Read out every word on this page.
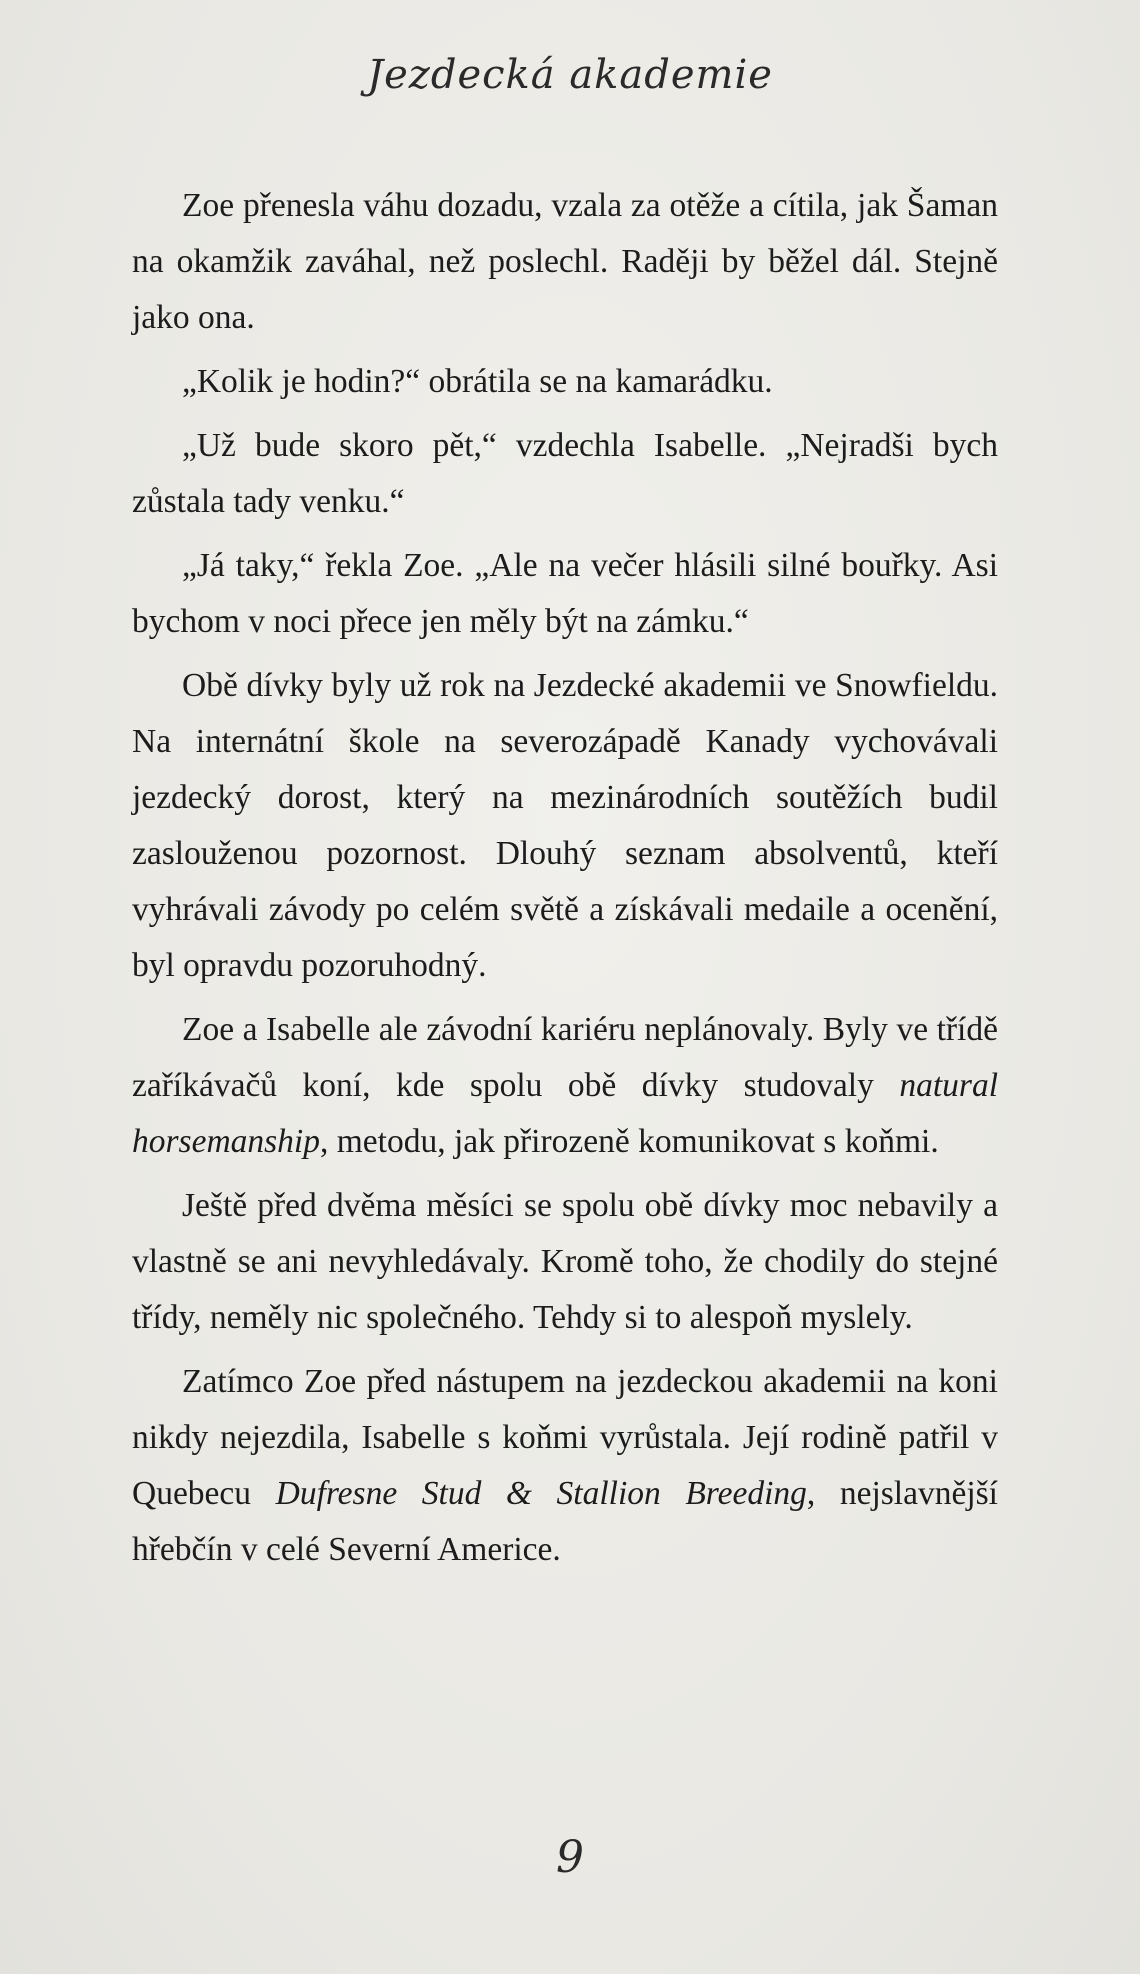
Jezdecká akademie

Zoe přenesla váhu dozadu, vzala za otěže a cítila, jak Šaman na okamžik zaváhal, než poslechl. Raději by běžel dál. Stejně jako ona.

„Kolik je hodin?“ obrátila se na kamarádku.

„Už bude skoro pět,“ vzdechla Isabelle. „Nejradši bych zůstala tady venku.“

„Já taky,“ řekla Zoe. „Ale na večer hlásili silné bouřky. Asi bychom v noci přece jen měly být na zámku.“

Obě dívky byly už rok na Jezdecké akademii ve Snowfieldu. Na internátní škole na severozápadě Kanady vychovávali jezdecký dorost, který na mezinárodních soutěžích budil zaslouženou pozornost. Dlouhý seznam absolventů, kteří vyhrávali závody po celém světě a získávali medaile a ocenění, byl opravdu pozoruhodný.

Zoe a Isabelle ale závodní kariéru neplánovaly. Byly ve třídě zaříkávačů koní, kde spolu obě dívky studovaly natural horsemanship, metodu, jak přirozeně komunikovat s koňmi.

Ještě před dvěma měsíci se spolu obě dívky moc nebavily a vlastně se ani nevyhledávaly. Kromě toho, že chodily do stejné třídy, neměly nic společného. Tehdy si to alespoň myslely.

Zatímco Zoe před nástupem na jezdeckou akademii na koni nikdy nejezdila, Isabelle s koňmi vyrůstala. Její rodině patřil v Quebecu Dufresne Stud & Stallion Breeding, nejslavnější hřebčín v celé Severní Americe.

9
